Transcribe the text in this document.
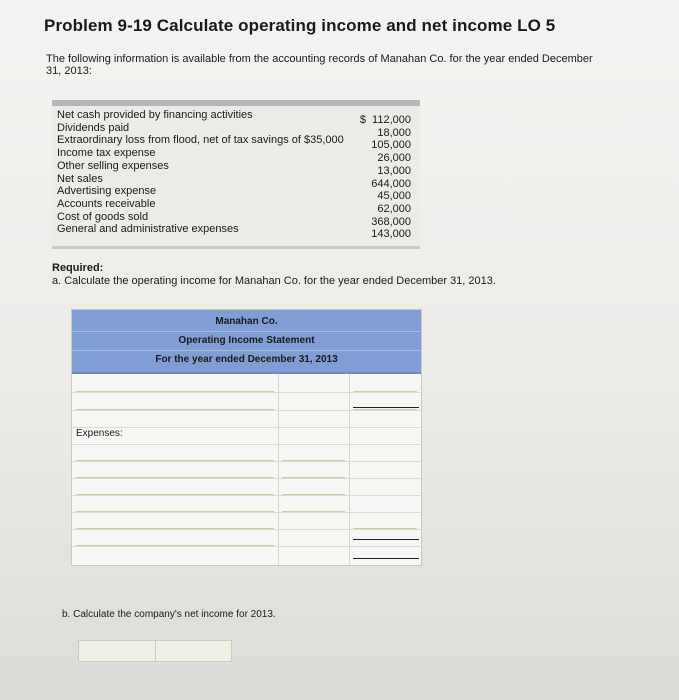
Problem 9-19 Calculate operating income and net income LO 5
The following information is available from the accounting records of Manahan Co. for the year ended December 31, 2013:
Net cash provided by financing activities
Dividends paid
Extraordinary loss from flood, net of tax savings of $35,000
Income tax expense
Other selling expenses
Net sales
Advertising expense
Accounts receivable
Cost of goods sold
General and administrative expenses
$ 112,000
18,000
105,000
26,000
13,000
644,000
45,000
62,000
368,000
143,000
Required:
a. Calculate the operating income for Manahan Co. for the year ended December 31, 2013.
Manahan Co.
Operating Income Statement
For the year ended December 31, 2013
Expenses:
b. Calculate the company's net income for 2013.
